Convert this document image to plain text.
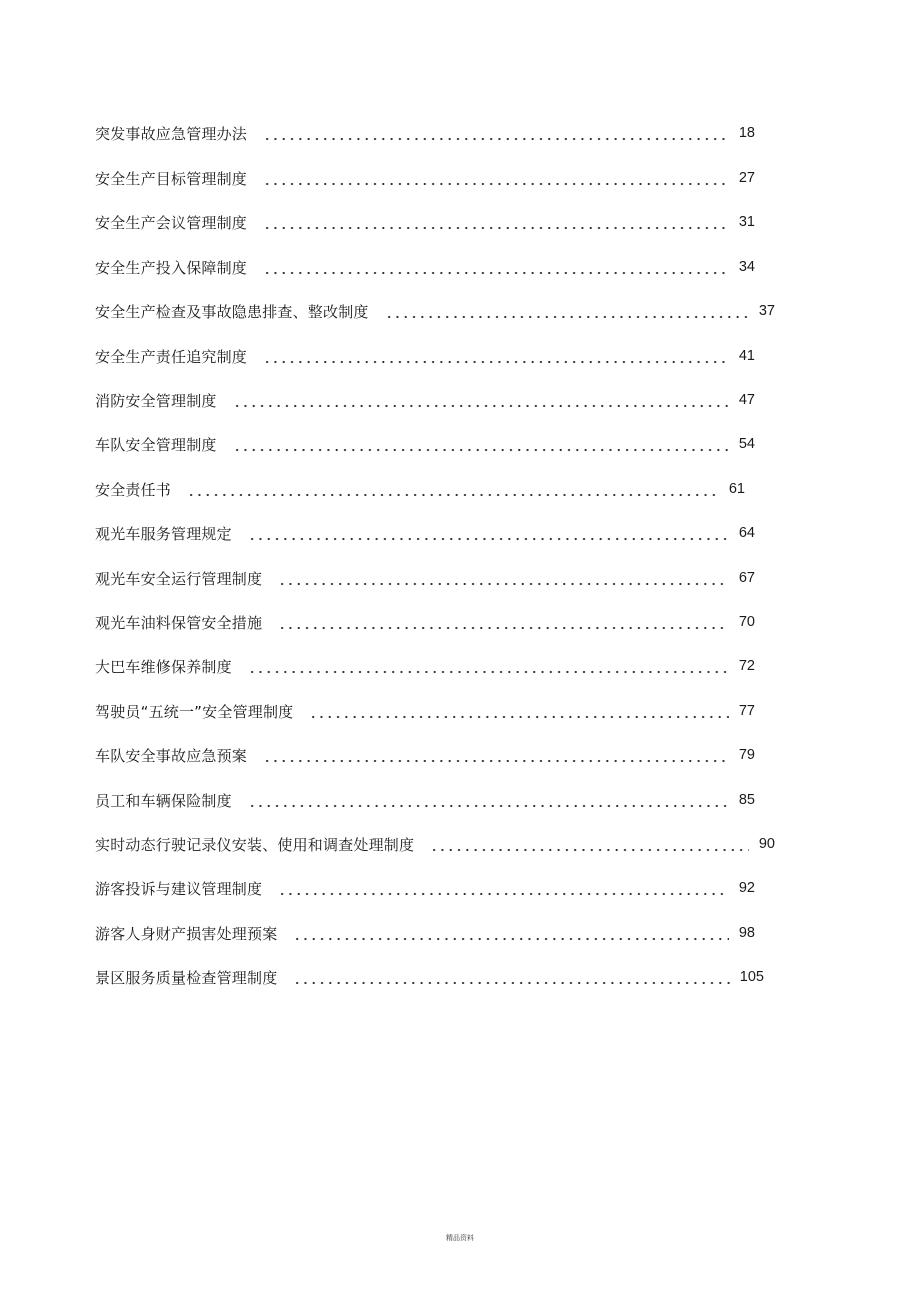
突发事故应急管理办法	18
安全生产目标管理制度	27
安全生产会议管理制度	31
安全生产投入保障制度	34
安全生产检查及事故隐患排查、整改制度	37
安全生产责任追究制度	41
消防安全管理制度	47
车队安全管理制度	54
安全责任书	61
观光车服务管理规定	64
观光车安全运行管理制度	67
观光车油料保管安全措施	70
大巴车维修保养制度	72
驾驶员“五统一”安全管理制度	77
车队安全事故应急预案	79
员工和车辆保险制度	85
实时动态行驶记录仪安装、使用和调查处理制度	90
游客投诉与建议管理制度	92
游客人身财产损害处理预案	98
景区服务质量检查管理制度	105
精品资料
